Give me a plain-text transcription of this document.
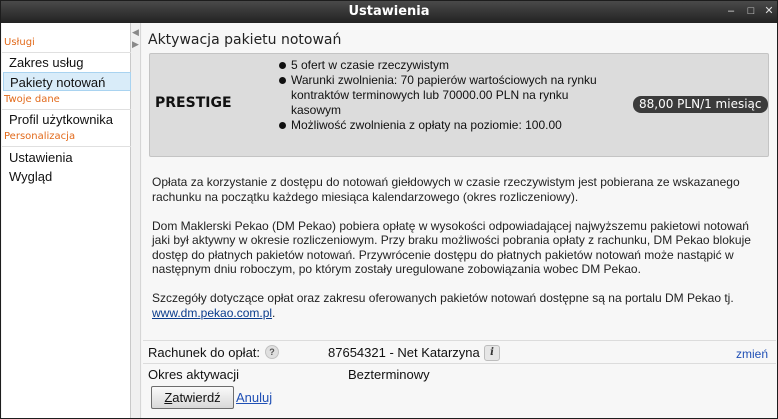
Ustawienia	–	□ ✕
Usługi
Zakres usług
Pakiety notowań
Twoje dane
Profil użytkownika
Personalizacja
Ustawienia
Wygląd
◀
▶ Aktywacja pakietu notowań
PRESTIGE
5 ofert w czasie rzeczywistym
Warunki zwolnienia: 70 papierów wartościowych na rynku kontraktów terminowych lub 70000.00 PLN na rynku kasowym
Możliwość zwolnienia z opłaty na poziomie: 100.00
88,00 PLN/1 miesiąc

Opłata za korzystanie z dostępu do notowań giełdowych w czasie rzeczywistym jest pobierana ze wskazanego rachunku na początku każdego miesiąca kalendarzowego (okres rozliczeniowy).

Dom Maklerski Pekao (DM Pekao) pobiera opłatę w wysokości odpowiadającej najwyższemu pakietowi notowań jaki był aktywny w okresie rozliczeniowym. Przy braku możliwości pobrania opłaty z rachunku, DM Pekao blokuje dostęp do płatnych pakietów notowań. Przywrócenie dostępu do płatnych pakietów notowań może nastąpić w następnym dniu roboczym, po którym zostały uregulowane zobowiązania wobec DM Pekao.

Szczegóły dotyczące opłat oraz zakresu oferowanych pakietów notowań dostępne są na portalu DM Pekao tj. www.dm.pekao.com.pl.

Rachunek do opłat:	?	87654321 - Net Katarzyna	i	zmień
Okres aktywacji	Bezterminowy
Zatwierdź	Anuluj
